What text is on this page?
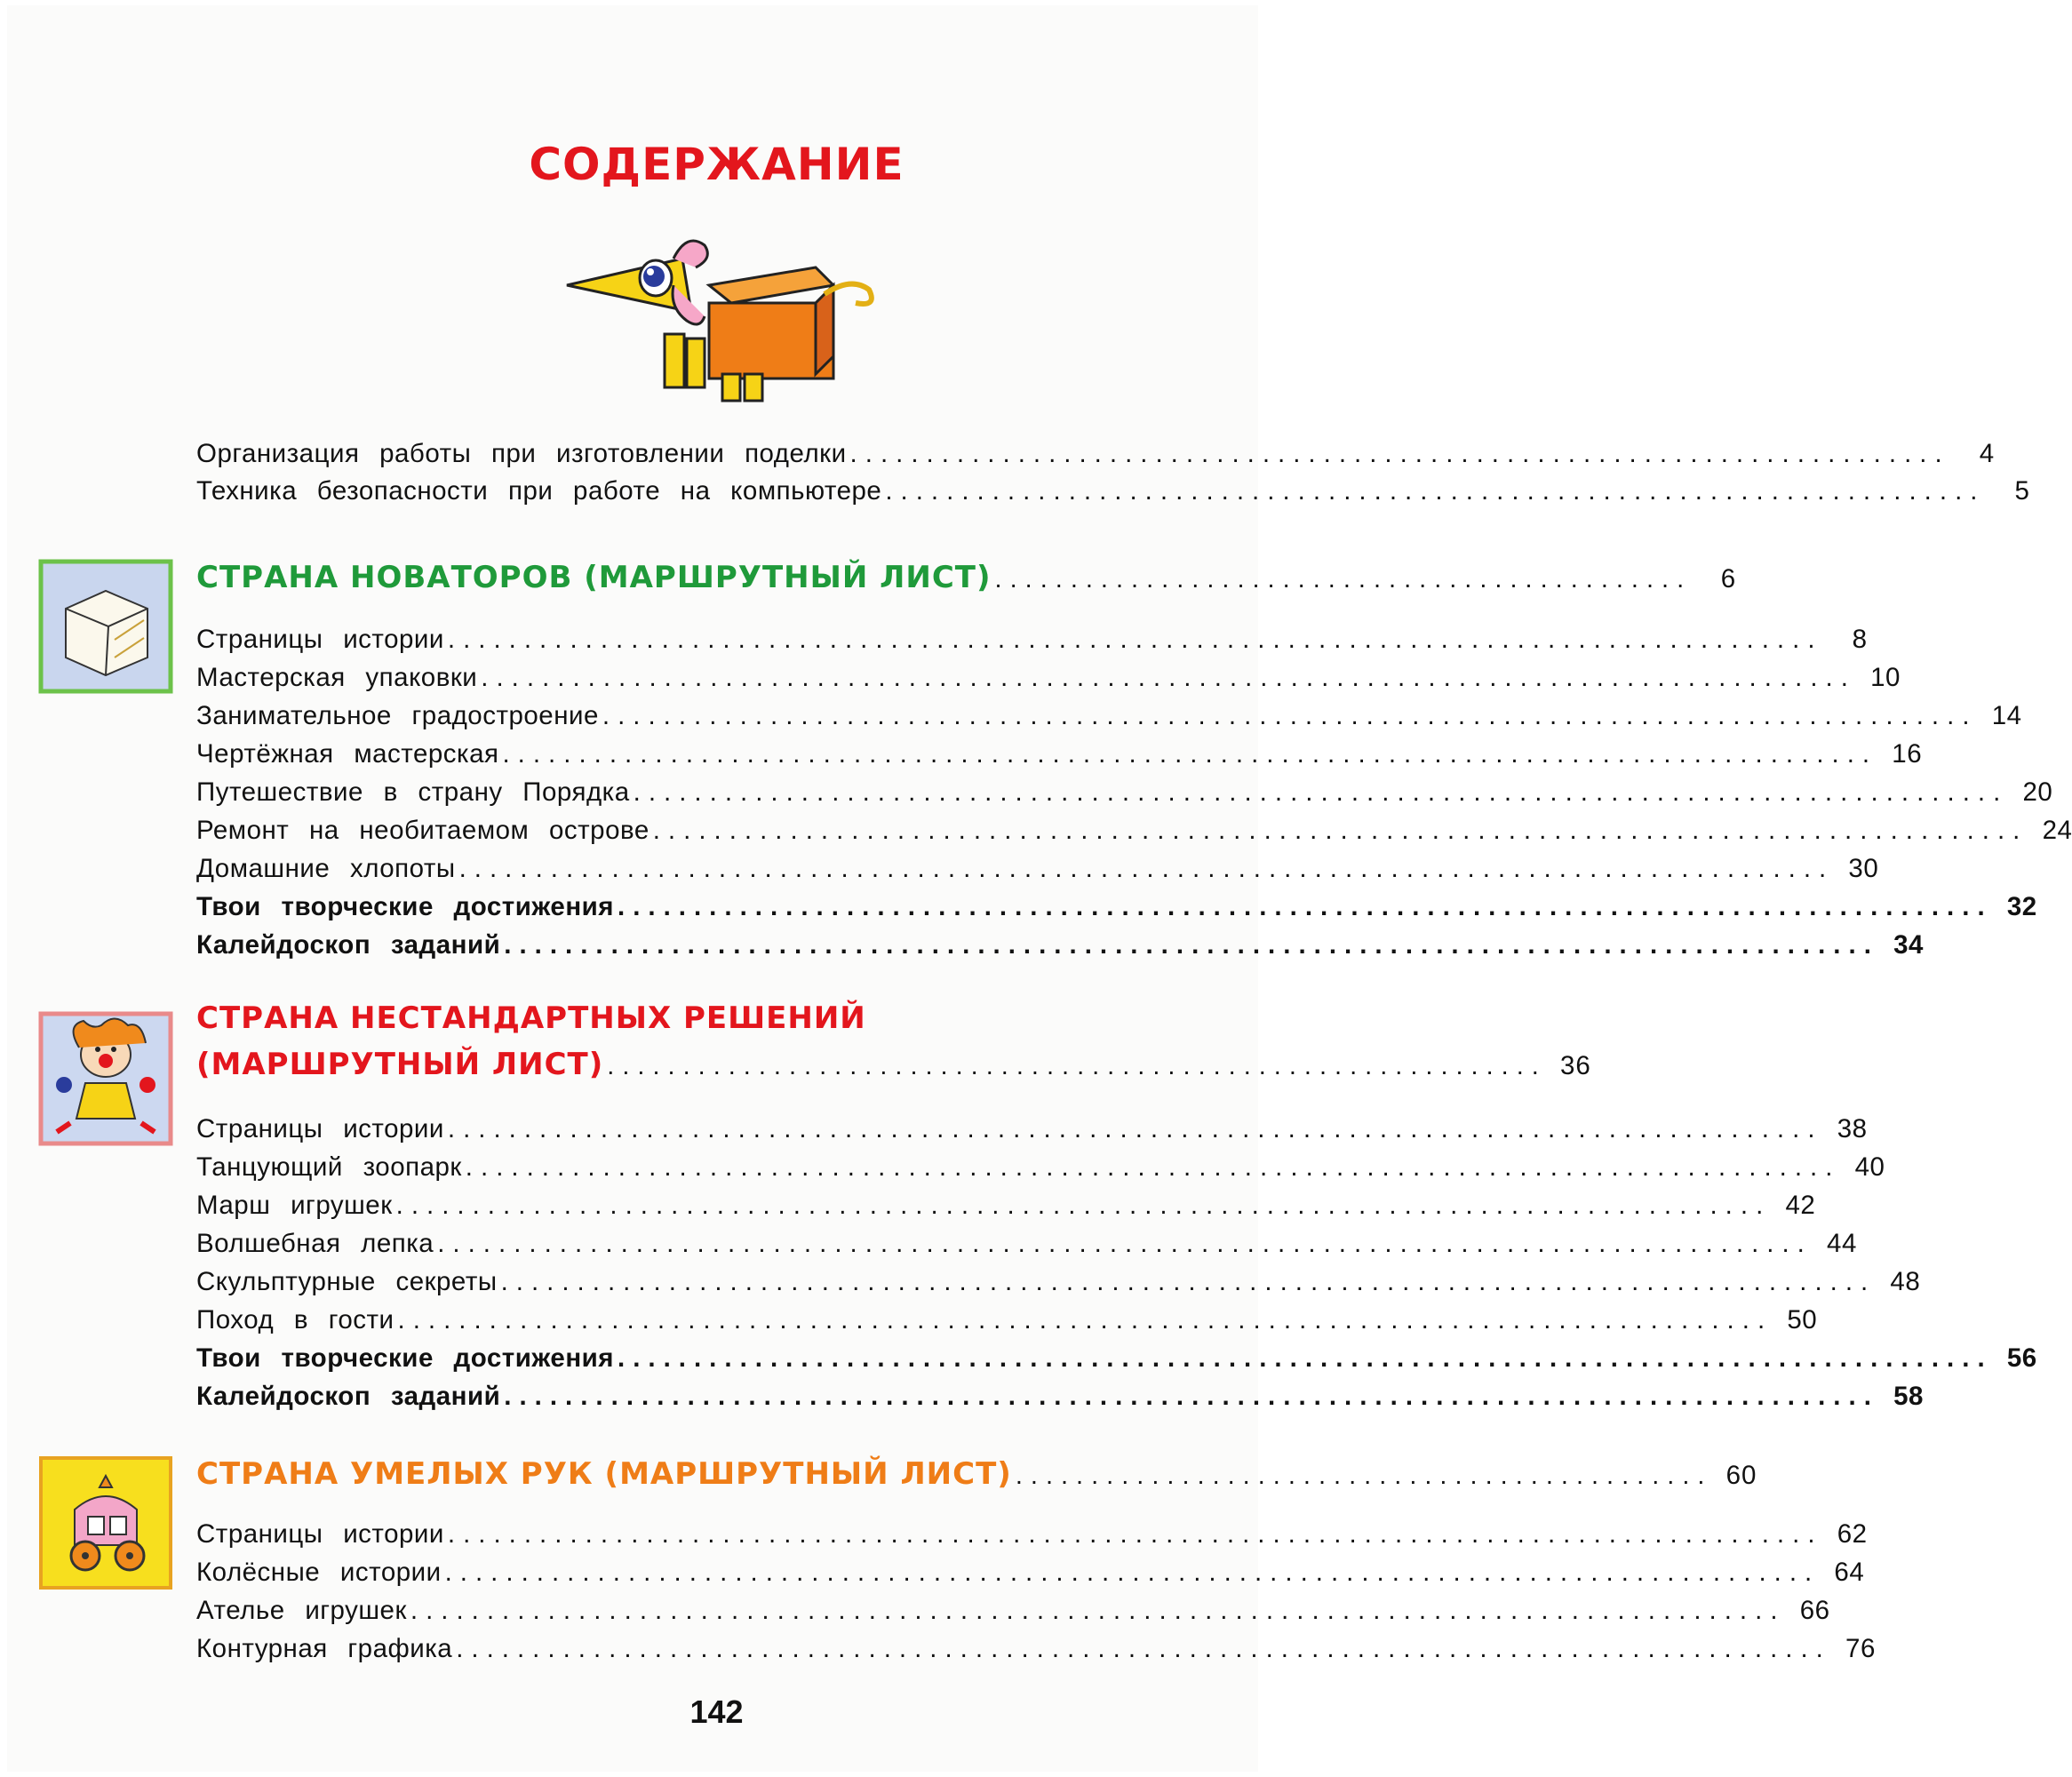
СОДЕРЖАНИЕ
Организация работы при изготовлении поделки ........................................................................	4
Техника безопасности при работе на компьютере ........................................................................	5
СТРАНА НОВАТОРОВ (МАРШРУТНЫЙ ЛИСТ) ..............................................	6
СТРАНА НЕСТАНДАРТНЫХ РЕШЕНИЙ
(МАРШРУТНЫЙ ЛИСТ) .............................................................. 36
СТРАНА УМЕЛЫХ РУК (МАРШРУТНЫЙ ЛИСТ) .............................................. 60
142
Страницы истории ..........................................................................................	8
Мастерская упаковки .......................................................................................... 10
Занимательное градостроение .......................................................................................... 14
Чертёжная мастерская .......................................................................................... 16
Путешествие в страну Порядка .......................................................................................... 20
Ремонт на необитаемом острове .......................................................................................... 24
Домашние хлопоты .......................................................................................... 30
Твои творческие достижения .......................................................................................... 32
Калейдоскоп заданий .......................................................................................... 34
Страницы истории .......................................................................................... 38
Танцующий зоопарк .......................................................................................... 40
Марш игрушек .......................................................................................... 42
Волшебная лепка .......................................................................................... 44
Скульптурные секреты .......................................................................................... 48
Поход в гости .......................................................................................... 50
Твои творческие достижения .......................................................................................... 56
Калейдоскоп заданий .......................................................................................... 58
Страницы истории .......................................................................................... 62
Колёсные истории .......................................................................................... 64
Ателье игрушек .......................................................................................... 66
Контурная графика .......................................................................................... 76
